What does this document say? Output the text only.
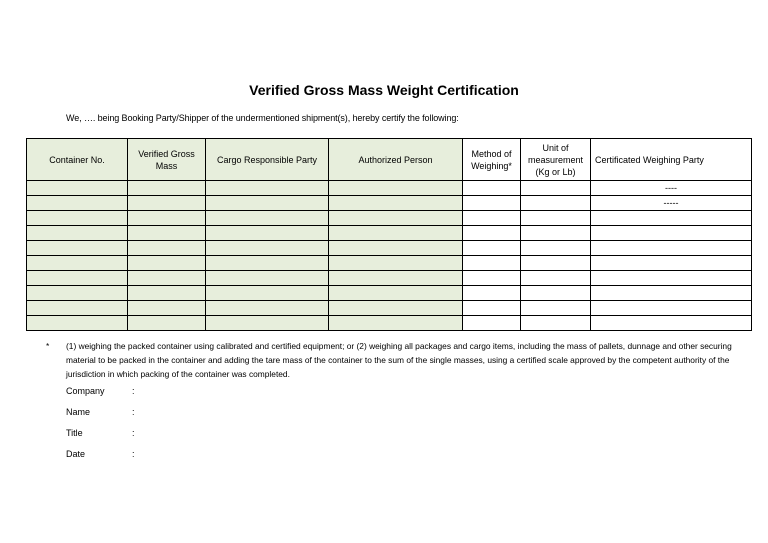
Verified Gross Mass Weight Certification
We, …. being Booking Party/Shipper of the undermentioned shipment(s), hereby certify the following:
Container No.	Verified Gross Mass	Cargo Responsible Party	Authorized Person	Method of Weighing*	Unit of measurement (Kg or Lb)	Certificated Weighing Party
						----
						-----

* (1) weighing the packed container using calibrated and certified equipment; or (2) weighing all packages and cargo items, including the mass of pallets, dunnage and other securing material to be packed in the container and adding the tare mass of the container to the sum of the single masses, using a certified scale approved by the competent authority of the jurisdiction in which packing of the container was completed.
Company	:
Name	:
Title	:
Date	:
